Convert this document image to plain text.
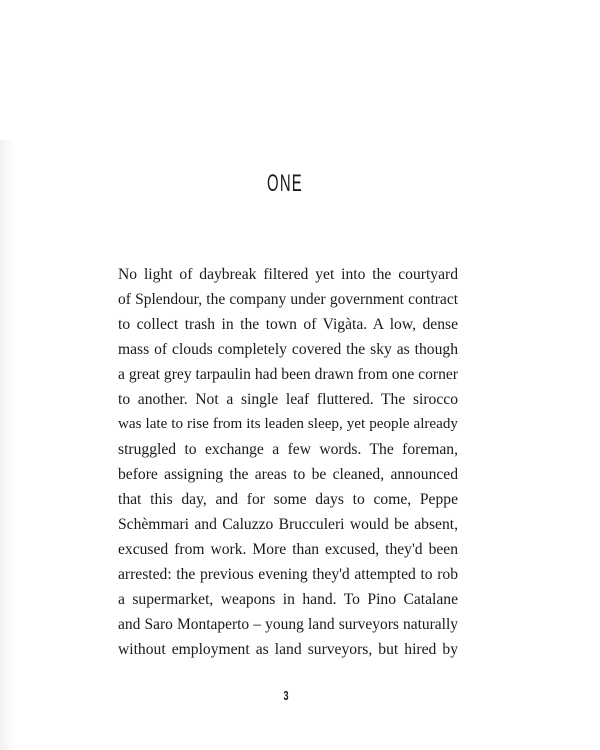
ONE
No light of daybreak filtered yet into the courtyard
of Splendour, the company under government contract
to collect trash in the town of Vigàta. A low, dense
mass of clouds completely covered the sky as though
a great grey tarpaulin had been drawn from one corner
to another. Not a single leaf fluttered. The sirocco
was late to rise from its leaden sleep, yet people already
struggled to exchange a few words. The foreman,
before assigning the areas to be cleaned, announced
that this day, and for some days to come, Peppe
Schèmmari and Caluzzo Brucculeri would be absent,
excused from work. More than excused, they'd been
arrested: the previous evening they'd attempted to rob
a supermarket, weapons in hand. To Pino Catalane
and Saro Montaperto – young land surveyors naturally
without employment as land surveyors, but hired by
3
